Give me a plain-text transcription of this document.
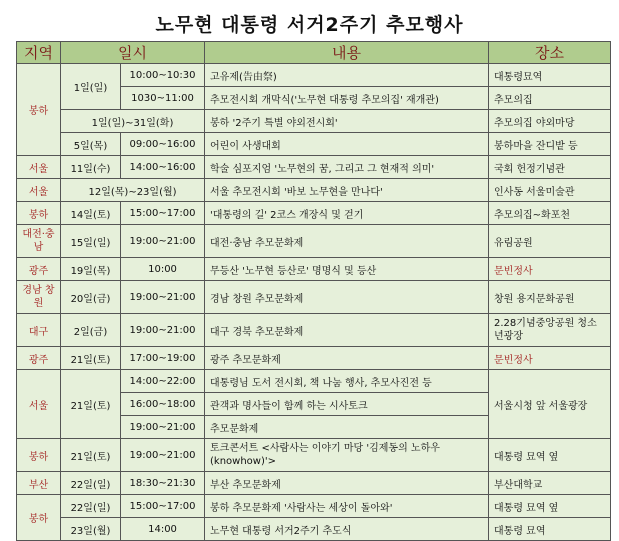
노무현 대통령 서거2주기 추모행사
지역	일시		내용	장소
봉하	1일(일)	10:00~10:30	고유제(告由祭)	대통령묘역
		1030~11:00	추모전시회 개막식('노무현 대통령 추모의집' 재개관)	추모의집
	1일(일)~31일(화)		봉하 '2주기 특별 야외전시회'	추모의집 야외마당
	5일(목)	09:00~16:00	어린이 사생대회	봉하마을 잔디밭 등
서울	11일(수)	14:00~16:00	학술 심포지엄 '노무현의 꿈, 그리고 그 현재적 의미'	국회 헌정기념관
서울	12일(목)~23일(월)		서울 추모전시회 '바보 노무현을 만나다'	인사동 서울미술관
봉하	14일(토)	15:00~17:00	'대통령의 길' 2코스 개장식 및 걷기	추모의집~화포천
대전·충남	15일(일)	19:00~21:00	대전·충남 추모문화제	유림공원
광주	19일(목)	10:00	무등산 '노무현 등산로' 명명식 및 등산	문빈정사
경남 창원	20일(금)	19:00~21:00	경남 창원 추모문화제	창원 용지문화공원
대구	2일(금)	19:00~21:00	대구 경북 추모문화제	2.28기념중앙공원 청소년광장
광주	21일(토)	17:00~19:00	광주 추모문화제	문빈정사
서울	21일(토)	14:00~22:00	대통령님 도서 전시회, 책 나눔 행사, 추모사진전 등	서울시청 앞 서울광장
		16:00~18:00	관객과 명사들이 함께 하는 시사토크	
		19:00~21:00	추모문화제	
봉하	21일(토)	19:00~21:00	토크콘서트 <사람사는 이야기 마당 '김제동의 노하우(knowhow)'>	대통령 묘역 옆
부산	22일(일)	18:30~21:30	부산 추모문화제	부산대학교
봉하	22일(일)	15:00~17:00	봉하 추모문화제 '사람사는 세상이 돌아와'	대통령 묘역 옆
	23일(월)	14:00	노무현 대통령 서거2주기 추도식	대통령 묘역
